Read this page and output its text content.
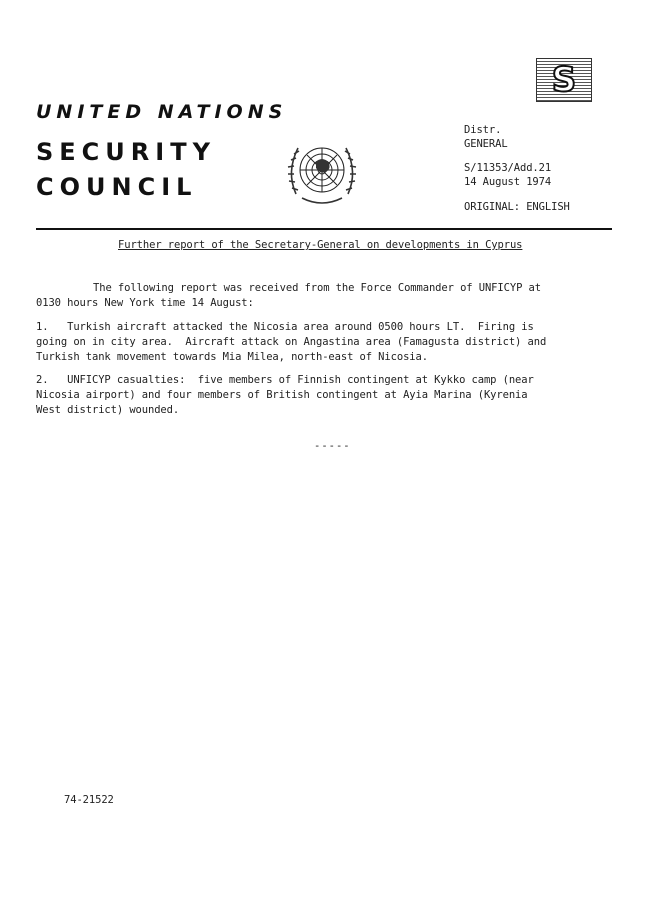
S
UNITED NATIONS
SECURITY
COUNCIL
Distr.
GENERAL
S/11353/Add.21
14 August 1974
ORIGINAL: ENGLISH
Further report of the Secretary-General on developments in Cyprus
The following report was received from the Force Commander of UNFICYP at
0130 hours New York time 14 August:
1.   Turkish aircraft attacked the Nicosia area around 0500 hours LT.  Firing is
going on in city area.  Aircraft attack on Angastina area (Famagusta district) and
Turkish tank movement towards Mia Milea, north-east of Nicosia.
2.   UNFICYP casualties:  five members of Finnish contingent at Kykko camp (near
Nicosia airport) and four members of British contingent at Ayia Marina (Kyrenia
West district) wounded.
-----
74-21522
